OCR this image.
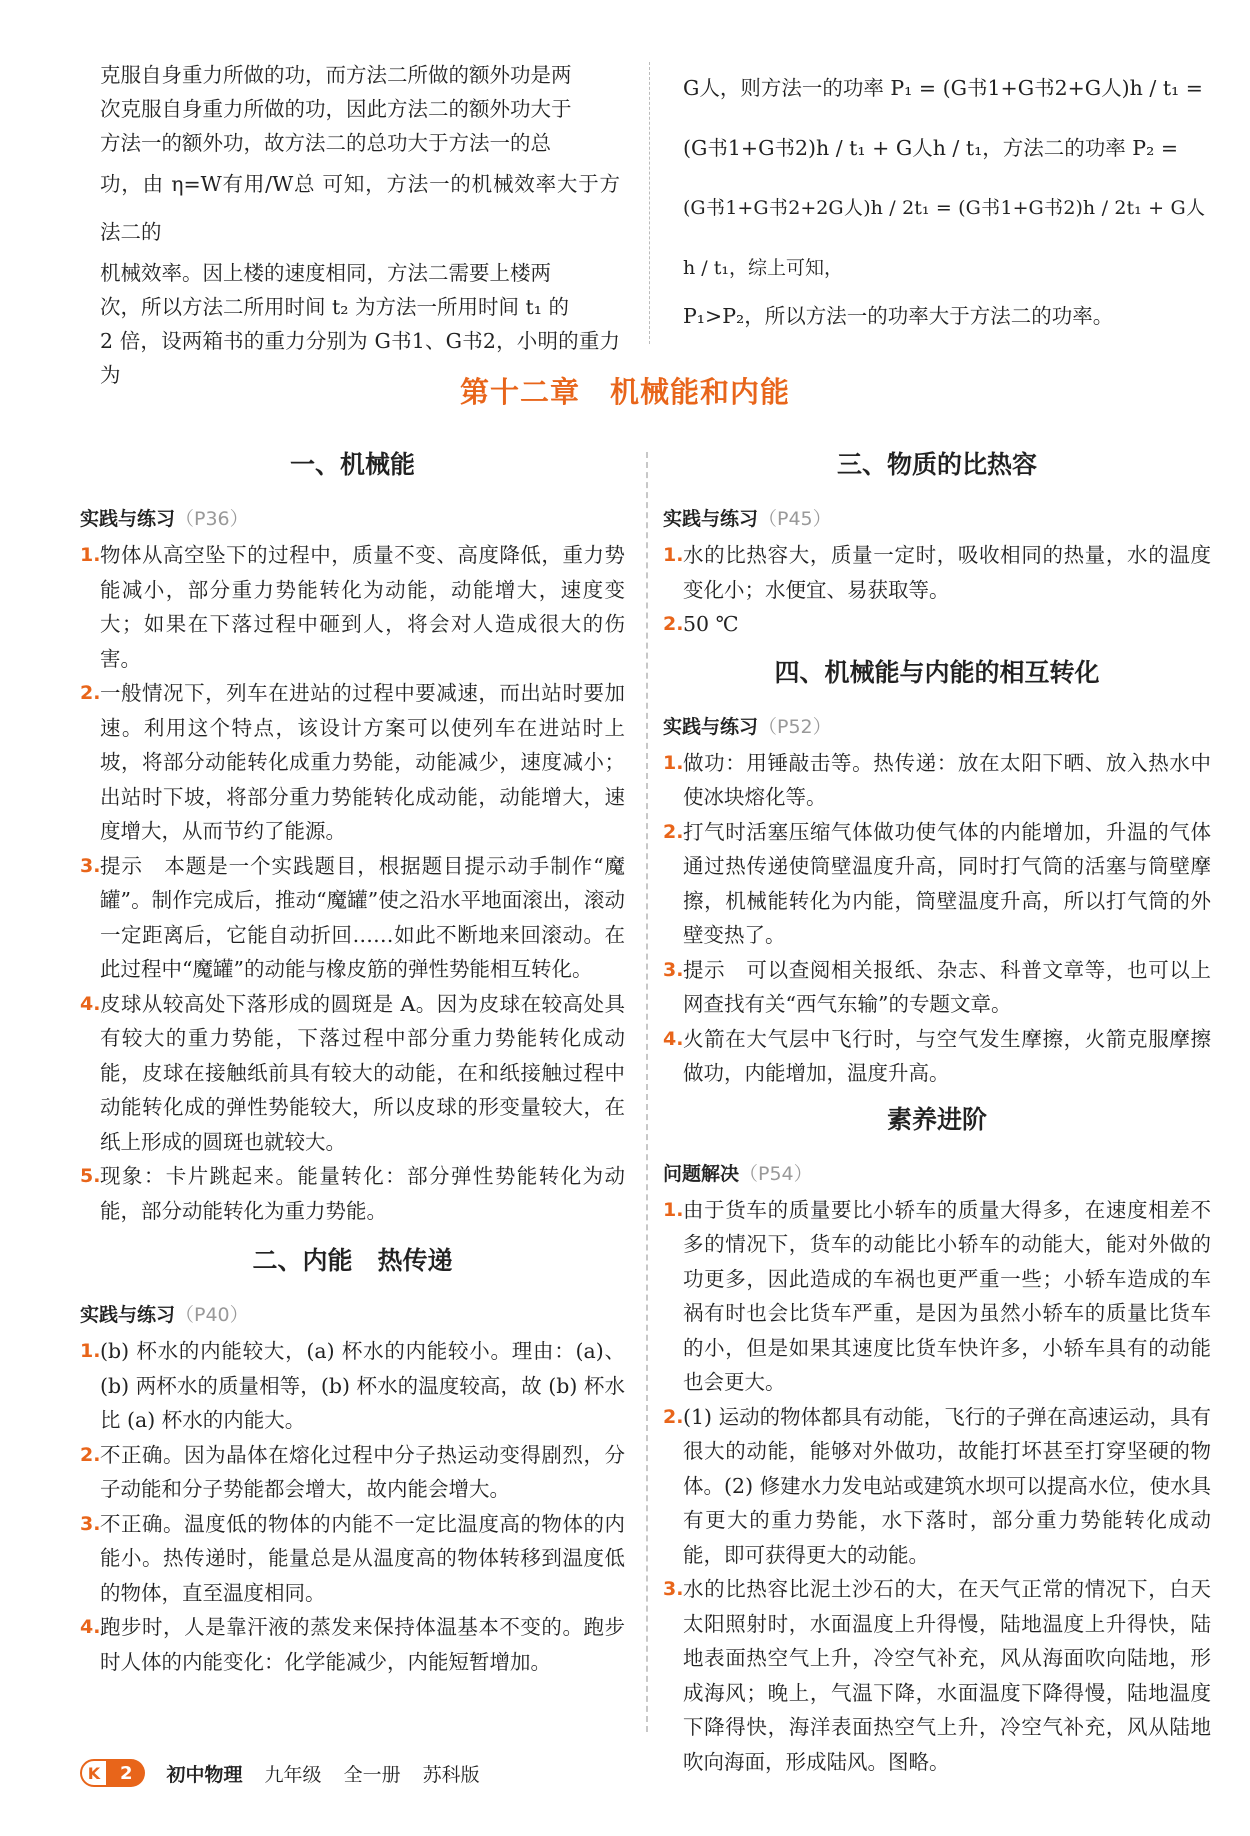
克服自身重力所做的功，而方法二所做的额外功是两

次克服自身重力所做的功，因此方法二的额外功大于

方法一的额外功，故方法二的总功大于方法一的总

功，由 η=W有用/W总 可知，方法一的机械效率大于方法二的

机械效率。因上楼的速度相同，方法二需要上楼两

次，所以方法二所用时间 t₂ 为方法一所用时间 t₁ 的

2 倍，设两箱书的重力分别为 G书1、G书2，小明的重力为

G人，则方法一的功率 P₁ = (G书1+G书2+G人)h / t₁ =

(G书1+G书2)h / t₁ + G人h / t₁，方法二的功率 P₂ =

(G书1+G书2+2G人)h / 2t₁ = (G书1+G书2)h / 2t₁ + G人h / t₁，综上可知，

P₁>P₂，所以方法一的功率大于方法二的功率。

第十二章　机械能和内能
一、机械能
实践与练习（P36）
1. 物体从高空坠下的过程中，质量不变、高度降低，重力势能减小，部分重力势能转化为动能，动能增大，速度变大；如果在下落过程中砸到人，将会对人造成很大的伤害。
2. 一般情况下，列车在进站的过程中要减速，而出站时要加速。利用这个特点，该设计方案可以使列车在进站时上坡，将部分动能转化成重力势能，动能减少，速度减小；出站时下坡，将部分重力势能转化成动能，动能增大，速度增大，从而节约了能源。
3. 提示　本题是一个实践题目，根据题目提示动手制作“魔罐”。制作完成后，推动“魔罐”使之沿水平地面滚出，滚动一定距离后，它能自动折回……如此不断地来回滚动。在此过程中“魔罐”的动能与橡皮筋的弹性势能相互转化。
4. 皮球从较高处下落形成的圆斑是 A。因为皮球在较高处具有较大的重力势能，下落过程中部分重力势能转化成动能，皮球在接触纸前具有较大的动能，在和纸接触过程中动能转化成的弹性势能较大，所以皮球的形变量较大，在纸上形成的圆斑也就较大。
5. 现象：卡片跳起来。能量转化：部分弹性势能转化为动能，部分动能转化为重力势能。
二、内能　热传递
实践与练习（P40）
1. (b) 杯水的内能较大，(a) 杯水的内能较小。理由：(a)、(b) 两杯水的质量相等，(b) 杯水的温度较高，故 (b) 杯水比 (a) 杯水的内能大。
2. 不正确。因为晶体在熔化过程中分子热运动变得剧烈，分子动能和分子势能都会增大，故内能会增大。
3. 不正确。温度低的物体的内能不一定比温度高的物体的内能小。热传递时，能量总是从温度高的物体转移到温度低的物体，直至温度相同。
4. 跑步时，人是靠汗液的蒸发来保持体温基本不变的。跑步时人体的内能变化：化学能减少，内能短暂增加。
三、物质的比热容
实践与练习（P45）
1. 水的比热容大，质量一定时，吸收相同的热量，水的温度变化小；水便宜、易获取等。
2. 50 ℃
四、机械能与内能的相互转化
实践与练习（P52）
1. 做功：用锤敲击等。热传递：放在太阳下晒、放入热水中使冰块熔化等。
2. 打气时活塞压缩气体做功使气体的内能增加，升温的气体通过热传递使筒壁温度升高，同时打气筒的活塞与筒壁摩擦，机械能转化为内能，筒壁温度升高，所以打气筒的外壁变热了。
3. 提示　可以查阅相关报纸、杂志、科普文章等，也可以上网查找有关“西气东输”的专题文章。
4. 火箭在大气层中飞行时，与空气发生摩擦，火箭克服摩擦做功，内能增加，温度升高。
素养进阶
问题解决（P54）
1. 由于货车的质量要比小轿车的质量大得多，在速度相差不多的情况下，货车的动能比小轿车的动能大，能对外做的功更多，因此造成的车祸也更严重一些；小轿车造成的车祸有时也会比货车严重，是因为虽然小轿车的质量比货车的小，但是如果其速度比货车快许多，小轿车具有的动能也会更大。
2. (1) 运动的物体都具有动能，飞行的子弹在高速运动，具有很大的动能，能够对外做功，故能打坏甚至打穿坚硬的物体。(2) 修建水力发电站或建筑水坝可以提高水位，使水具有更大的重力势能，水下落时，部分重力势能转化成动能，即可获得更大的动能。
3. 水的比热容比泥土沙石的大，在天气正常的情况下，白天太阳照射时，水面温度上升得慢，陆地温度上升得快，陆地表面热空气上升，冷空气补充，风从海面吹向陆地，形成海风；晚上，气温下降，水面温度下降得慢，陆地温度下降得快，海洋表面热空气上升，冷空气补充，风从陆地吹向海面，形成陆风。图略。
K	2	初中物理 九年级 全一册 苏科版
